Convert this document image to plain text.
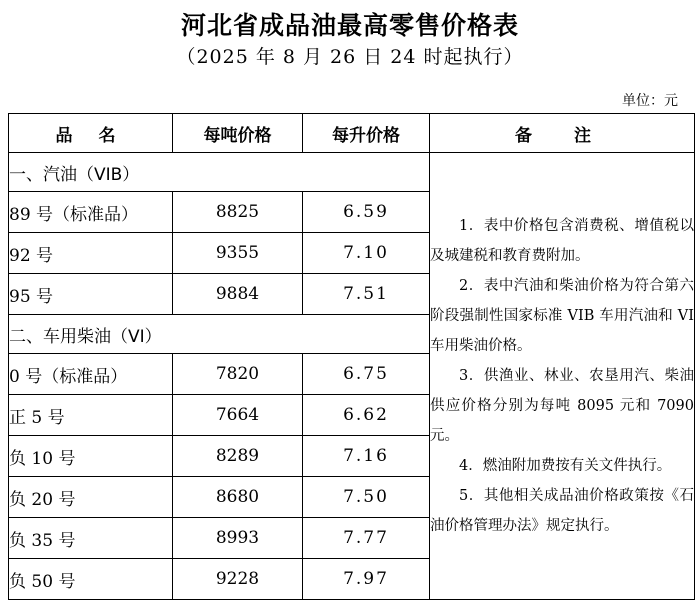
河北省成品油最高零售价格表
（2025 年 8 月 26 日 24 时起执行）
单位：元
品 名	每吨价格	每升价格	备 注
一、汽油（VIB）			1．表中价格包含消费税、增值税以及城建税和教育费附加。

2．表中汽油和柴油价格为符合第六阶段强制性国家标准 VIB 车用汽油和 VI 车用柴油价格。

3．供渔业、林业、农垦用汽、柴油供应价格分别为每吨 8095 元和 7090 元。

4．燃油附加费按有关文件执行。

5．其他相关成品油价格政策按《石油价格管理办法》规定执行。

89 号（标准品）	8825	6.59	
92 号	9355	7.10	
95 号	9884	7.51	
二、车用柴油（VI）			
0 号（标准品）	7820	6.75	
正 5 号	7664	6.62	
负 10 号	8289	7.16	
负 20 号	8680	7.50	
负 35 号	8993	7.77	
负 50 号	9228	7.97	
